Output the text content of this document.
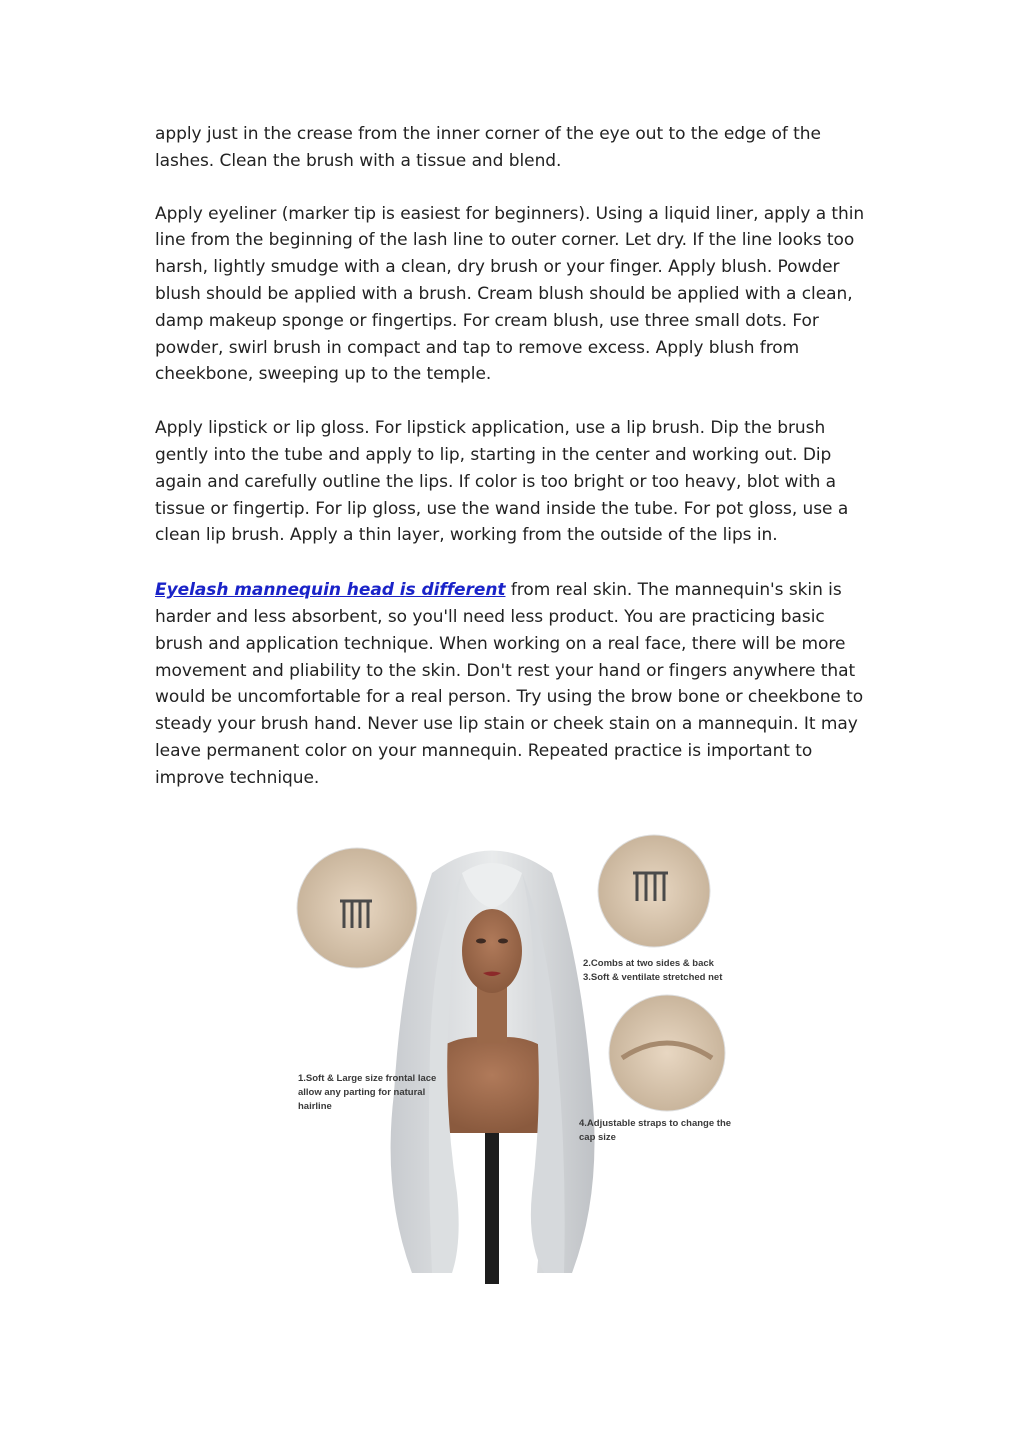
apply just in the crease from the inner corner of the eye out to the edge of the lashes. Clean the brush with a tissue and blend.

Apply eyeliner (marker tip is easiest for beginners). Using a liquid liner, apply a thin line from the beginning of the lash line to outer corner. Let dry. If the line looks too harsh, lightly smudge with a clean, dry brush or your finger. Apply blush. Powder blush should be applied with a brush. Cream blush should be applied with a clean, damp makeup sponge or fingertips. For cream blush, use three small dots. For powder, swirl brush in compact and tap to remove excess. Apply blush from cheekbone, sweeping up to the temple.

Apply lipstick or lip gloss. For lipstick application, use a lip brush. Dip the brush gently into the tube and apply to lip, starting in the center and working out. Dip again and carefully outline the lips. If color is too bright or too heavy, blot with a tissue or fingertip. For lip gloss, use the wand inside the tube. For pot gloss, use a clean lip brush. Apply a thin layer, working from the outside of the lips in.

Eyelash mannequin head is different from real skin. The mannequin's skin is harder and less absorbent, so you'll need less product. You are practicing basic brush and application technique. When working on a real face, there will be more movement and pliability to the skin. Don't rest your hand or fingers anywhere that would be uncomfortable for a real person. Try using the brow bone or cheekbone to steady your brush hand. Never use lip stain or cheek stain on a mannequin. It may leave permanent color on your mannequin. Repeated practice is important to improve technique.

1.Soft & Large size frontal lace allow any parting for natural hairline
2.Combs at two sides & back
3.Soft & ventilate stretched net
4.Adjustable straps to change the cap size
